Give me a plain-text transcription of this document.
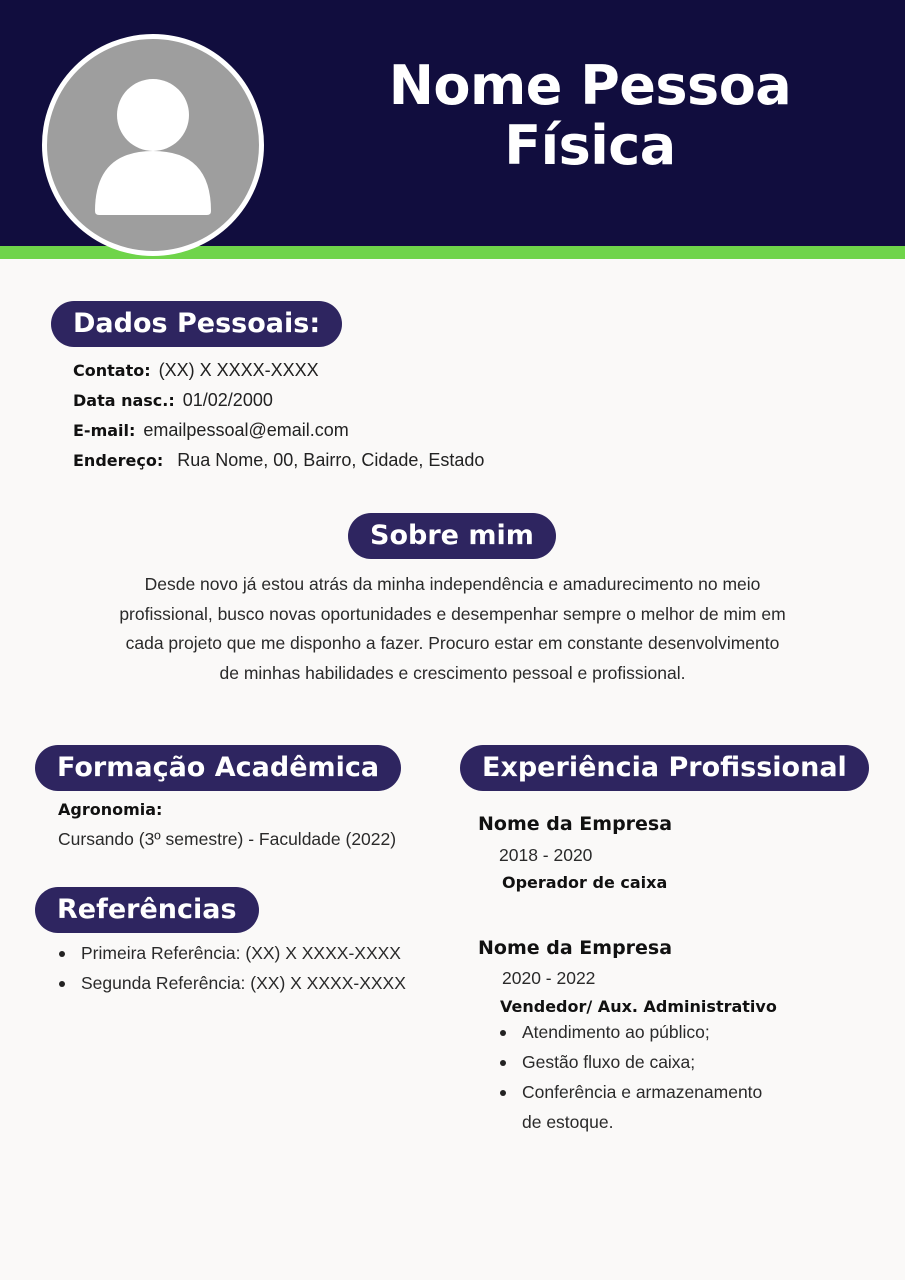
Nome Pessoa
Física
Dados Pessoais:
Contato: (XX) X XXXX-XXXX
Data nasc.: 01/02/2000
E-mail: emailpessoal@email.com
Endereço: Rua Nome, 00, Bairro, Cidade, Estado
Sobre mim
Desde novo já estou atrás da minha independência e amadurecimento no meio
profissional, busco novas oportunidades e desempenhar sempre o melhor de mim em
cada projeto que me disponho a fazer. Procuro estar em constante desenvolvimento
de minhas habilidades e crescimento pessoal e profissional.
Formação Acadêmica
Agronomia:
Cursando (3º semestre) - Faculdade (2022)
Referências
Primeira Referência: (XX) X XXXX-XXXX
Segunda Referência: (XX) X XXXX-XXXX
Experiência Profissional
Nome da Empresa
2018 - 2020
Operador de caixa
Nome da Empresa
2020 - 2022
Vendedor/ Aux. Administrativo
Atendimento ao público;
Gestão fluxo de caixa;
Conferência e armazenamento
de estoque.
